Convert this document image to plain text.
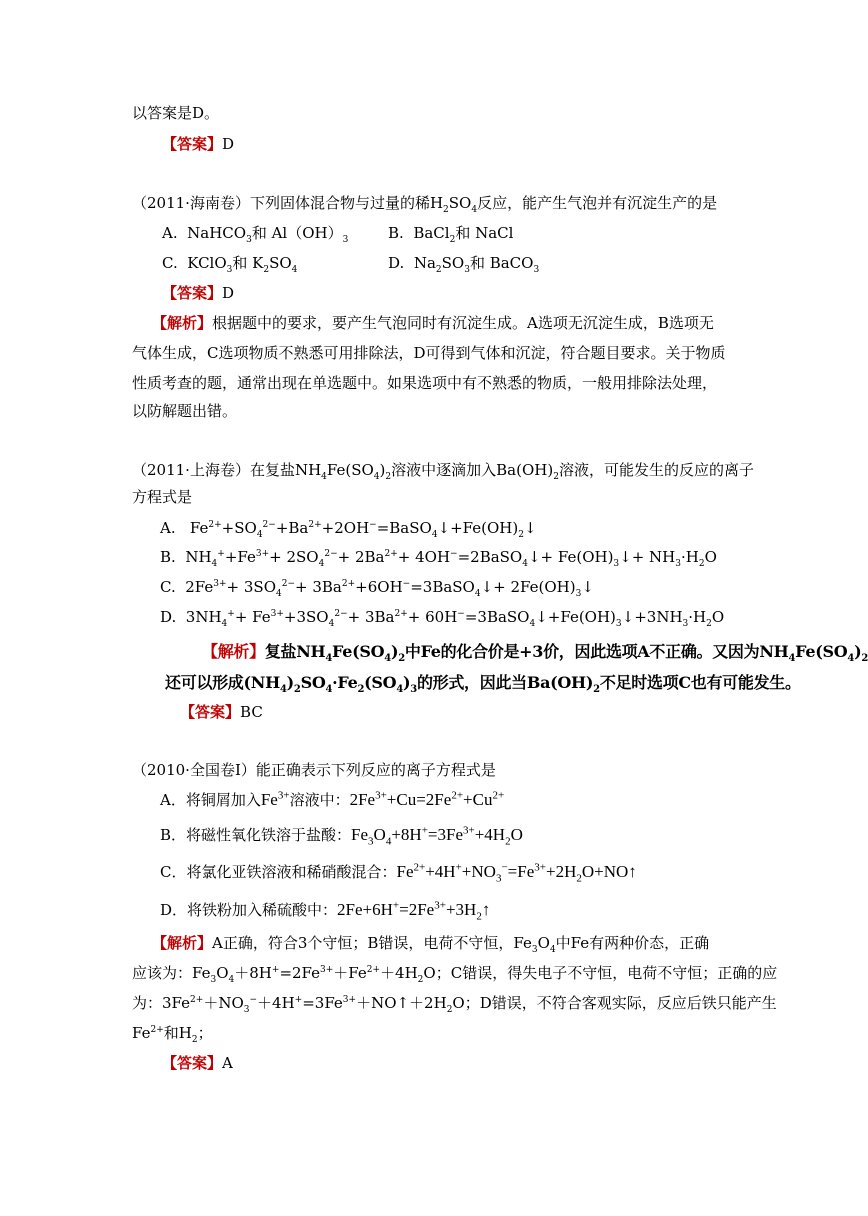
以答案是D。
【答案】D
（2011·海南卷）下列固体混合物与过量的稀$H_2SO_4$反应，能产生气泡并有沉淀生产的是
A. NaHCO$_3$和 $Al(OH)_3$	B. BaCl$_2$和 NaCl
C. KClO$_3$和 $K_2SO_4$	D. $Na_2SO_3$和 BaCO$_3$
【答案】D
【解析】根据题中的要求，要产生气泡同时有沉淀生成。A选项无沉淀生成，B选项无
气体生成，C选项物质不熟悉可用排除法，D可得到气体和沉淀，符合题目要求。关于物质
性质考查的题，通常出现在单选题中。如果选项中有不熟悉的物质，一般用排除法处理，
以防解题出错。
（2011·上海卷）在复盐$NH_4Fe(SO_4)_2$溶液中逐滴加入$Ba(OH)_2$溶液，可能发生的反应的离子
方程式是
A.   $Fe^{2+}+SO_4^{2-}+Ba^{2+}+2OH^-=BaSO_4↓+Fe(OH)_2↓$
B.  $NH_4^++Fe^{3+}+ 2SO_4^{2-}+ 2Ba^{2+}+$ 4OH−=2BaSO$_4$↓+ $Fe(OH)_3↓+ NH_3\cdot H_2O$
C.  $2Fe^{3+}+ 3SO_4^{2-}+$ $3Ba^{2+}+6OH^-=3BaSO_4↓+$ $2Fe(OH)_3↓$
D.  $3NH_4^++ Fe^{3+}+3SO_4^{2-}+ 3Ba^{2+}+$ $60H^-=3BaSO_4↓+Fe(OH)_3↓+3NH_3\cdot H_2O$
【解析】复盐$NH_4Fe(SO_4)_2$中Fe的化合价是+3价，因此选项A不正确。又因为$NH_4Fe(SO_4)_2$
还可以形成$(NH_4)_2SO_4\cdot Fe_2(SO_4)_3$的形式，因此当$Ba(OH)_2$不足时选项C也有可能发生。
【答案】BC
（2010·全国卷Ⅰ）能正确表示下列反应的离子方程式是
A．将铜屑加入$Fe^{3+}$溶液中：$2Fe^{3+}+Cu=2Fe^{2+}+Cu^{2+}$
B．将磁性氧化铁溶于盐酸：$Fe_3O_4+8H^+=3Fe^{3+}+4H_2O$
C．将氯化亚铁溶液和稀硝酸混合：$Fe^{2+}+4H^++NO_3^-=Fe^{3+}+2H_2O+NO↑$
D．将铁粉加入稀硫酸中：$2Fe+6H^+=2Fe^{3+}+3H_2↑$
【解析】A正确，符合3个守恒；B错误，电荷不守恒，$Fe_3O_4$中Fe有两种价态，正确
应该为：$Fe_3O_4+8H^+=2Fe^{3+}+Fe^{2+}+4H_2O$；C错误，得失电子不守恒，电荷不守恒；正确的应
为：$3Fe^{2+}+NO_3^-+4H^+=3Fe^{3+}+NO↑+2H_2O$；D错误，不符合客观实际，反应后铁只能产生
$Fe^{2+}$和$H_2$；
【答案】A
